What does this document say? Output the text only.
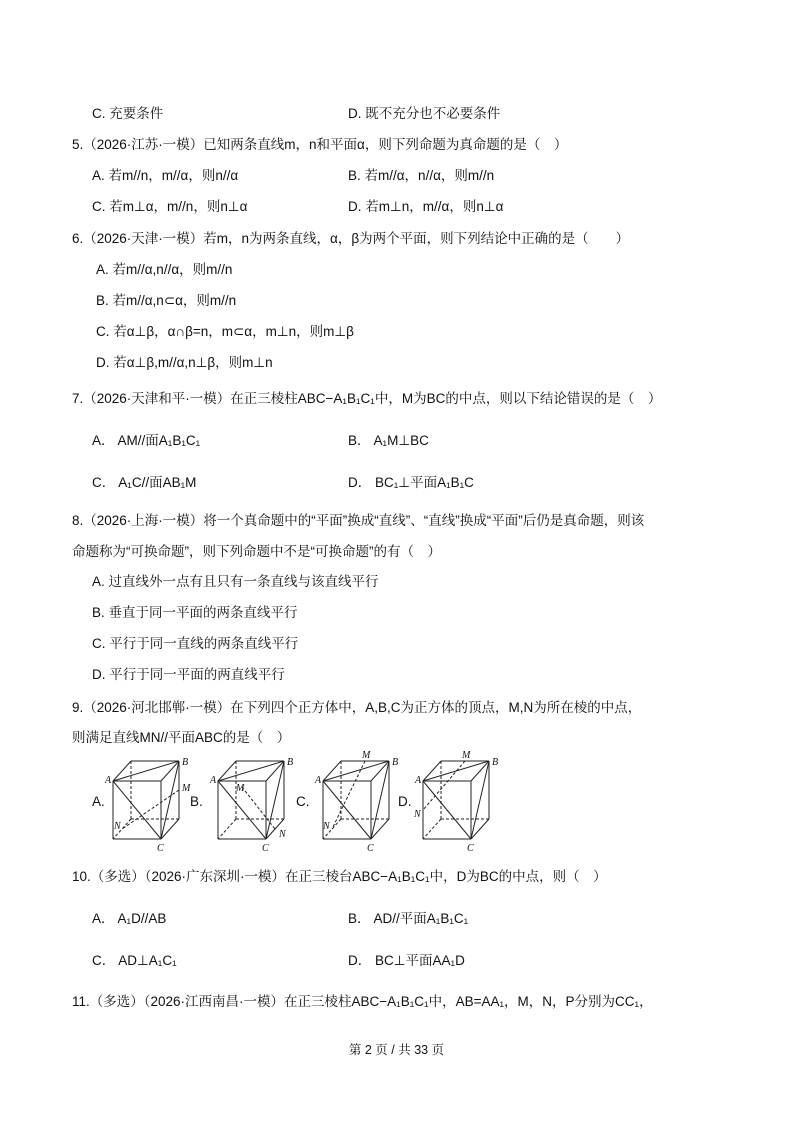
C. 充要条件	D. 既不充分也不必要条件
5.（2026·江苏·一模）已知两条直线m，n和平面α，则下列命题为真命题的是（　）
A. 若m//n，m//α，则n//α	B. 若m//α，n//α，则m//n
C. 若m⊥α，m//n，则n⊥α	D. 若m⊥n，m//α，则n⊥α
6.（2026·天津·一模）若m，n为两条直线，α，β为两个平面，则下列结论中正确的是（　　）
A. 若m//α,n//α，则m//n
B. 若m//α,n⊂α，则m//n
C. 若α⊥β，α∩β=n，m⊂α，m⊥n，则m⊥β
D. 若α⊥β,m//α,n⊥β，则m⊥n
7.（2026·天津和平·一模）在正三棱柱ABC−A₁B₁C₁中，M为BC的中点，则以下结论错误的是（　）
A． AM//面A₁B₁C₁	B． A₁M⊥BC
C． A₁C//面AB₁M	D． BC₁⊥平面A₁B₁C
8.（2026·上海·一模）将一个真命题中的“平面”换成“直线”、“直线”换成“平面”后仍是真命题，则该
命题称为“可换命题”，则下列命题中不是“可换命题”的有（　）
A. 过直线外一点有且只有一条直线与该直线平行
B. 垂直于同一平面的两条直线平行
C. 平行于同一直线的两条直线平行
D. 平行于同一平面的两直线平行
9.（2026·河北邯郸·一模）在下列四个正方体中，A,B,C为正方体的顶点，M,N为所在棱的中点，
则满足直线MN//平面ABC的是（　）
A.	B.	C.	D.
A
B
C
M
N
A
B
C
M
N
A
B
C
M
N
A
B
C
M
N
10.（多选）（2026·广东深圳·一模）在正三棱台ABC−A₁B₁C₁中，D为BC的中点，则（　）
A． A₁D//AB	B． AD//平面A₁B₁C₁
C． AD⊥A₁C₁	D． BC⊥平面AA₁D
11.（多选）（2026·江西南昌·一模）在正三棱柱ABC−A₁B₁C₁中，AB=AA₁，M，N，P分别为CC₁，
第 2 页 / 共 33 页
